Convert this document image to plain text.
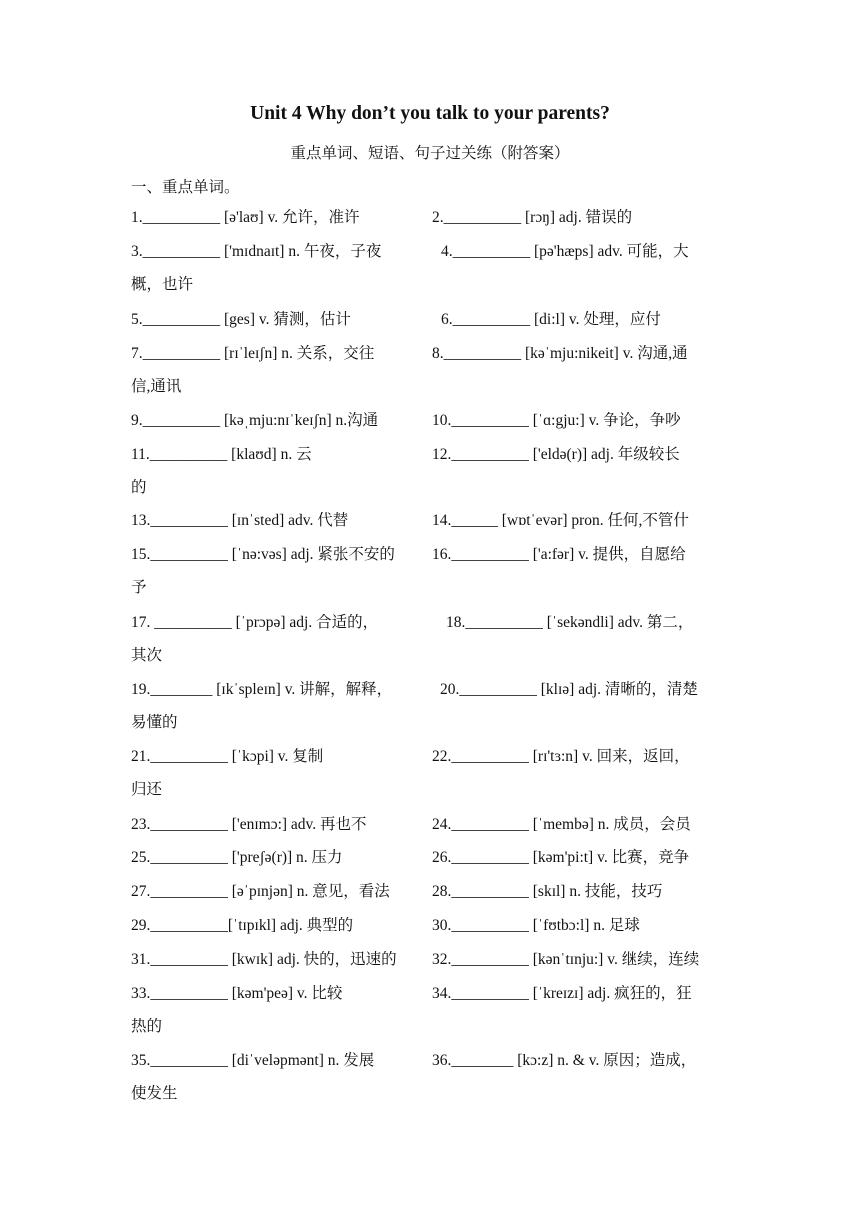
Unit 4 Why don’t you talk to your parents?
重点单词、短语、句子过关练（附答案）
一、重点单词。
1.__________ [ə'laʊ] v. 允许，准许	2.__________ [rɔŋ] adj. 错误的
3.__________ ['mɪdnaɪt] n. 午夜，子夜	4.__________ [pə'hæps] adv. 可能，大
概，也许
5.__________ [ges] v. 猜测，估计	6.__________ [di:l] v. 处理，应付
7.__________ [rɪˈleɪʃn] n. 关系，交往	8.__________ [kəˈmju:nikeit] v. 沟通,通
信,通讯
9.__________ [kəˌmju:nɪˈkeɪʃn] n.沟通	10.__________ [ˈɑ:gju:] v. 争论，争吵
11.__________ [klaʊd] n. 云	12.__________ ['eldə(r)] adj. 年级较长
的
13.__________ [ɪnˈsted] adv. 代替	14.______ [wɒtˈevər] pron. 任何,不管什
15.__________ [ˈnə:vəs] adj. 紧张不安的 16.__________ ['a:fər] v. 提供，自愿给
予
17. __________ [ˈprɔpə] adj. 合适的，	18.__________ [ˈsekəndli] adv. 第二，
其次
19.________ [ɪkˈspleɪn] v. 讲解，解释，	20.__________ [klɪə] adj. 清晰的，清楚
易懂的
21.__________ [ˈkɔpi] v. 复制	22.__________ [rɪ'tɜ:n] v. 回来，返回，
归还
23.__________ ['enɪmɔ:] adv. 再也不	24.__________ [ˈmembə] n. 成员，会员
25.__________ ['preʃə(r)] n. 压力	26.__________ [kəm'pi:t] v. 比赛，竞争
27.__________ [əˈpɪnjən] n. 意见，看法	28.__________ [skɪl] n. 技能，技巧
29.__________[ˈtɪpɪkl] adj. 典型的	30.__________ [ˈfʊtbɔ:l] n. 足球
31.__________ [kwɪk] adj. 快的，迅速的 32.__________ [kənˈtɪnju:] v. 继续，连续
33.__________ [kəm'peə] v. 比较	34.__________ [ˈkreɪzɪ] adj. 疯狂的，狂
热的
35.__________ [diˈveləpmənt] n. 发展	36.________ [kɔ:z] n. & v. 原因；造成，
使发生
